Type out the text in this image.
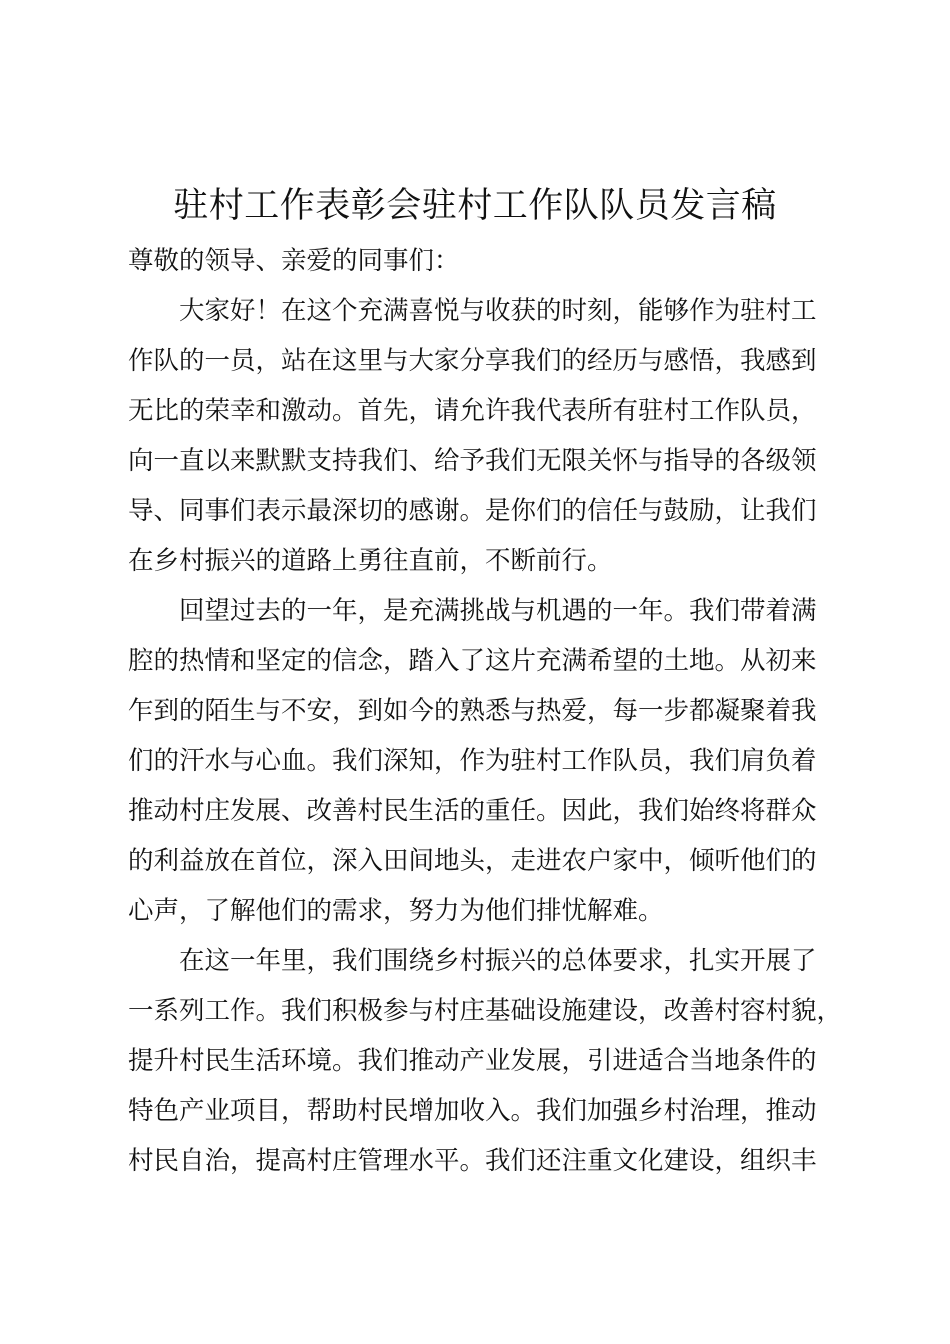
驻村工作表彰会驻村工作队队员发言稿
尊敬的领导、亲爱的同事们：
大家好！在这个充满喜悦与收获的时刻，能够作为驻村工
作队的一员，站在这里与大家分享我们的经历与感悟，我感到
无比的荣幸和激动。首先，请允许我代表所有驻村工作队员，
向一直以来默默支持我们、给予我们无限关怀与指导的各级领
导、同事们表示最深切的感谢。是你们的信任与鼓励，让我们
在乡村振兴的道路上勇往直前，不断前行。
回望过去的一年，是充满挑战与机遇的一年。我们带着满
腔的热情和坚定的信念，踏入了这片充满希望的土地。从初来
乍到的陌生与不安，到如今的熟悉与热爱，每一步都凝聚着我
们的汗水与心血。我们深知，作为驻村工作队员，我们肩负着
推动村庄发展、改善村民生活的重任。因此，我们始终将群众
的利益放在首位，深入田间地头，走进农户家中，倾听他们的
心声，了解他们的需求，努力为他们排忧解难。
在这一年里，我们围绕乡村振兴的总体要求，扎实开展了
一系列工作。我们积极参与村庄基础设施建设，改善村容村貌，
提升村民生活环境。我们推动产业发展，引进适合当地条件的
特色产业项目，帮助村民增加收入。我们加强乡村治理，推动
村民自治，提高村庄管理水平。我们还注重文化建设，组织丰
